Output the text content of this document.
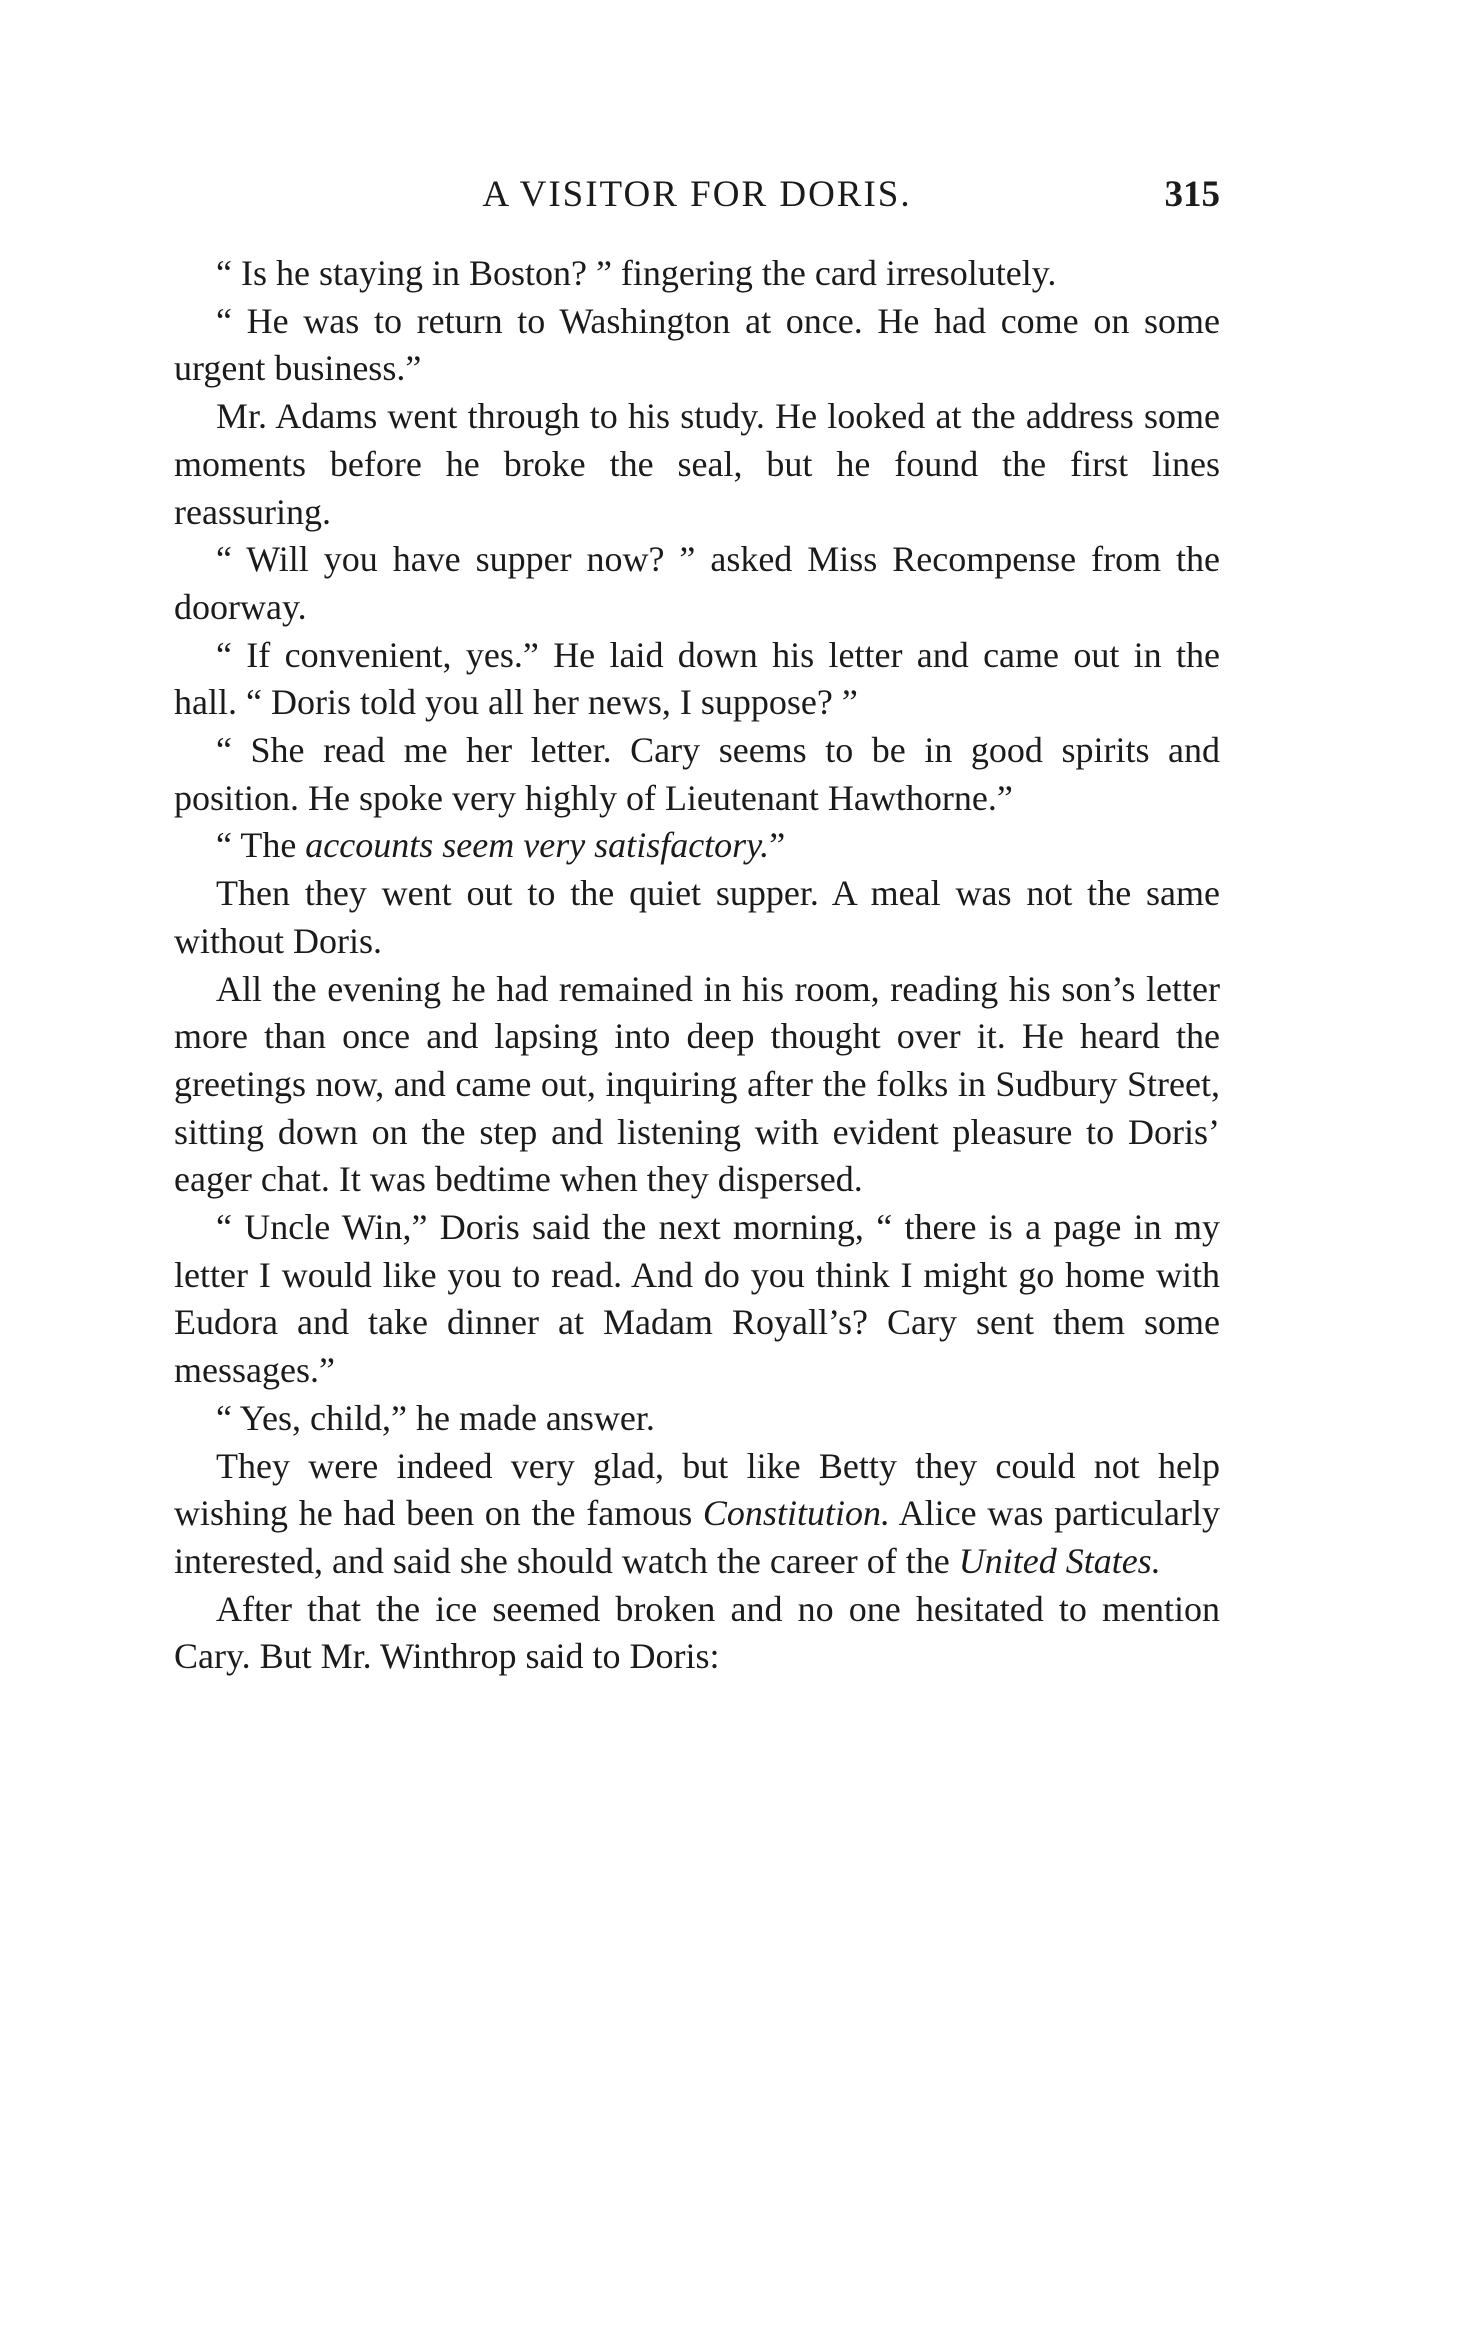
A VISITOR FOR DORIS.	315

“ Is he staying in Boston? ” fingering the card irresolutely.

“ He was to return to Washington at once. He had come on some urgent business.”

Mr. Adams went through to his study. He looked at the address some moments before he broke the seal, but he found the first lines reassuring.

“ Will you have supper now? ” asked Miss Recompense from the doorway.

“ If convenient, yes.” He laid down his letter and came out in the hall. “ Doris told you all her news, I suppose? ”

“ She read me her letter. Cary seems to be in good spirits and position. He spoke very highly of Lieutenant Hawthorne.”

“ The accounts seem very satisfactory.”

Then they went out to the quiet supper. A meal was not the same without Doris.

All the evening he had remained in his room, reading his son’s letter more than once and lapsing into deep thought over it. He heard the greetings now, and came out, inquiring after the folks in Sudbury Street, sitting down on the step and listening with evident pleasure to Doris’ eager chat. It was bedtime when they dispersed.

“ Uncle Win,” Doris said the next morning, “ there is a page in my letter I would like you to read. And do you think I might go home with Eudora and take dinner at Madam Royall’s? Cary sent them some messages.”

“ Yes, child,” he made answer.

They were indeed very glad, but like Betty they could not help wishing he had been on the famous Constitution. Alice was particularly interested, and said she should watch the career of the United States.

After that the ice seemed broken and no one hesitated to mention Cary. But Mr. Winthrop said to Doris:
